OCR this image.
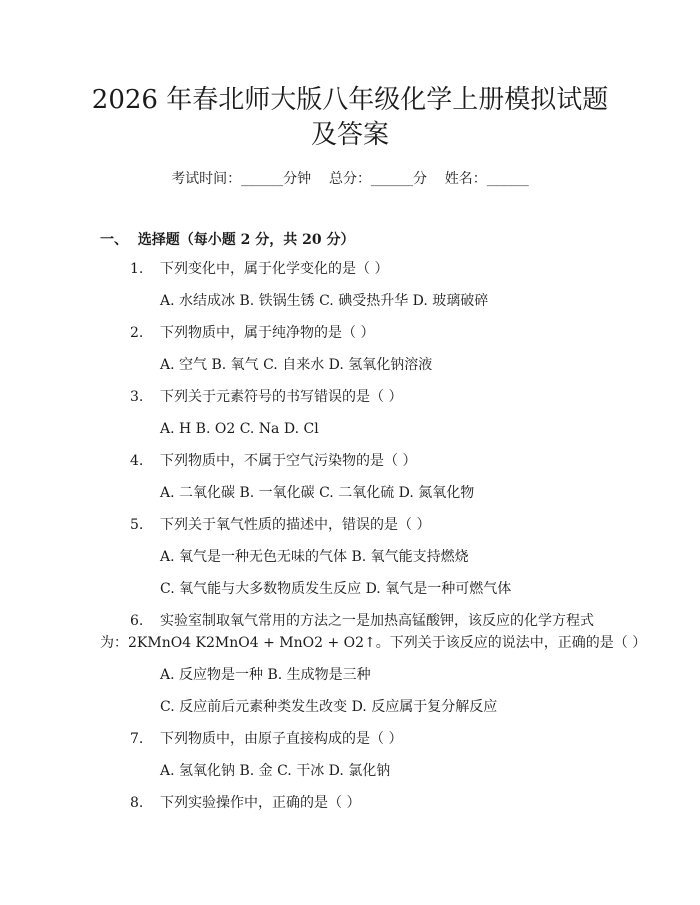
2026 年春北师大版八年级化学上册模拟试题
及答案
考试时间：______分钟    总分：______分    姓名：______
一、  选择题（每小题 2 分，共 20 分）
1. 下列变化中，属于化学变化的是（ ）
A. 水结成冰 B. 铁锅生锈 C. 碘受热升华 D. 玻璃破碎
2. 下列物质中，属于纯净物的是（ ）
A. 空气 B. 氧气 C. 自来水 D. 氢氧化钠溶液
3. 下列关于元素符号的书写错误的是（ ）
A. H B. O2 C. Na D. Cl
4. 下列物质中，不属于空气污染物的是（ ）
A. 二氧化碳 B. 一氧化碳 C. 二氧化硫 D. 氮氧化物
5. 下列关于氧气性质的描述中，错误的是（ ）
A. 氧气是一种无色无味的气体 B. 氧气能支持燃烧
C. 氧气能与大多数物质发生反应 D. 氧气是一种可燃气体
6. 实验室制取氧气常用的方法之一是加热高锰酸钾，该反应的化学方程式
为：2KMnO4 K2MnO4 + MnO2 + O2↑。下列关于该反应的说法中，正确的是（ ）
A. 反应物是一种 B. 生成物是三种
C. 反应前后元素种类发生改变 D. 反应属于复分解反应
7. 下列物质中，由原子直接构成的是（ ）
A. 氢氧化钠 B. 金 C. 干冰 D. 氯化钠
8. 下列实验操作中，正确的是（ ）
